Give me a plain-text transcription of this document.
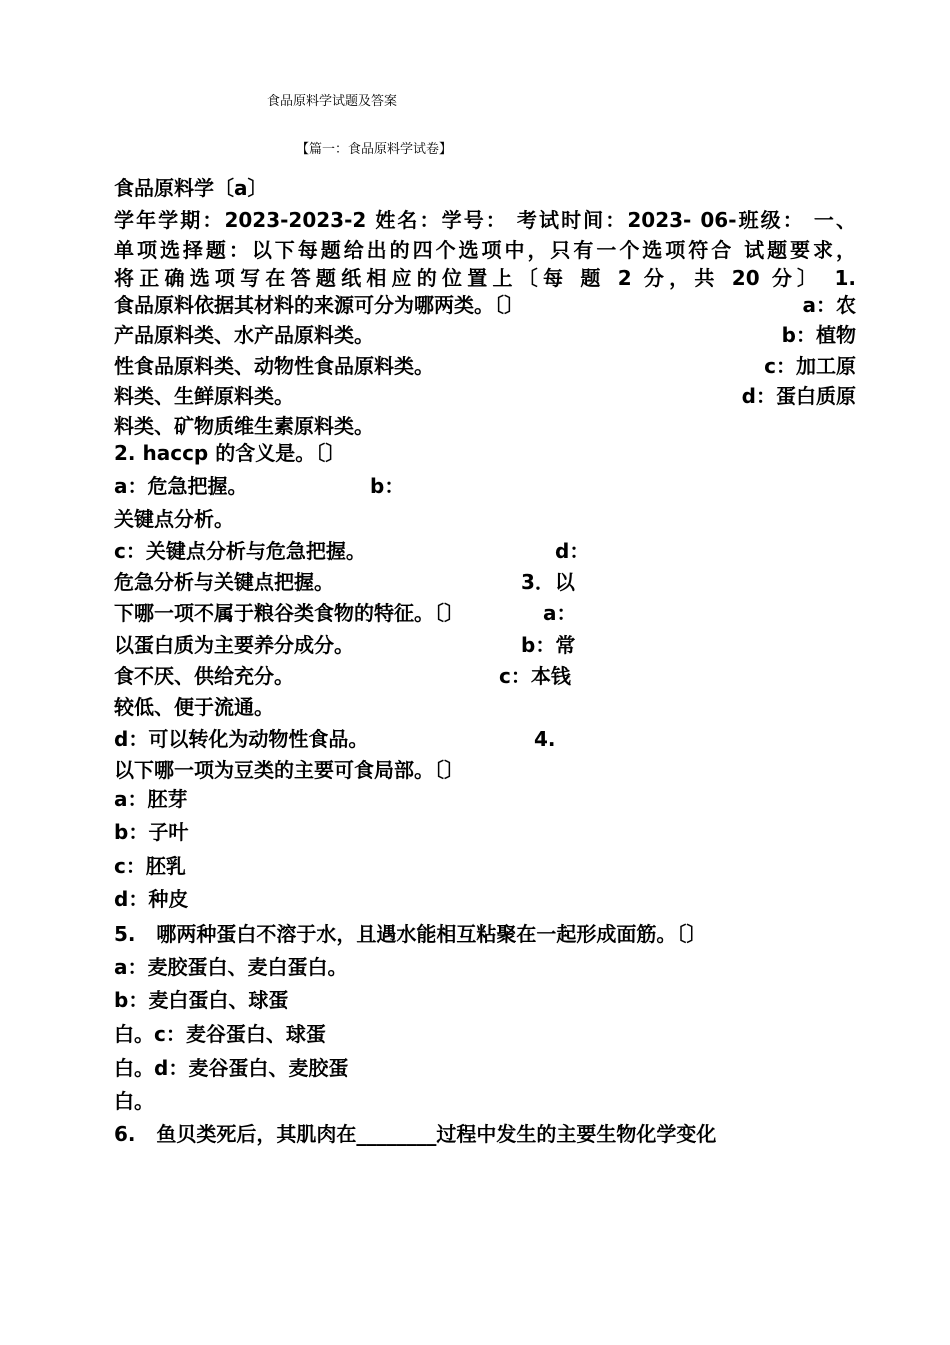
食品原料学试题及答案
【篇一：食品原料学试卷】
食品原料学〔a〕
学年学期：2023-2023-2 姓名：学号： 考试时间：2023- 06-班级： 一、
单项选择题：以下每题给出的四个选项中，只有一个选项符合 试题要求，
将正确选项写在答题纸相应的位置上〔每 题 2 分，共 20 分〕 1.
食品原料依据其材料的来源可分为哪两类。〔〕	a：农
产品原料类、水产品原料类。	b：植物
性食品原料类、动物性食品原料类。	c：加工原
料类、生鲜原料类。	d：蛋白质原
料类、矿物质维生素原料类。
2. haccp 的含义是。〔〕
a：危急把握。	b：
关键点分析。
c：关键点分析与危急把握。	d：
危急分析与关键点把握。	3．以
下哪一项不属于粮谷类食物的特征。〔〕	a：
以蛋白质为主要养分成分。	b：常
食不厌、供给充分。	c：本钱
较低、便于流通。
d：可以转化为动物性食品。	4.
以下哪一项为豆类的主要可食局部。〔〕
a：胚芽
b：子叶
c：胚乳
d：种皮
5.   哪两种蛋白不溶于水，且遇水能相互粘聚在一起形成面筋。〔〕
a：麦胶蛋白、麦白蛋白。
b：麦白蛋白、球蛋
白。c：麦谷蛋白、球蛋
白。d：麦谷蛋白、麦胶蛋
白。
6.   鱼贝类死后，其肌肉在________过程中发生的主要生物化学变化
